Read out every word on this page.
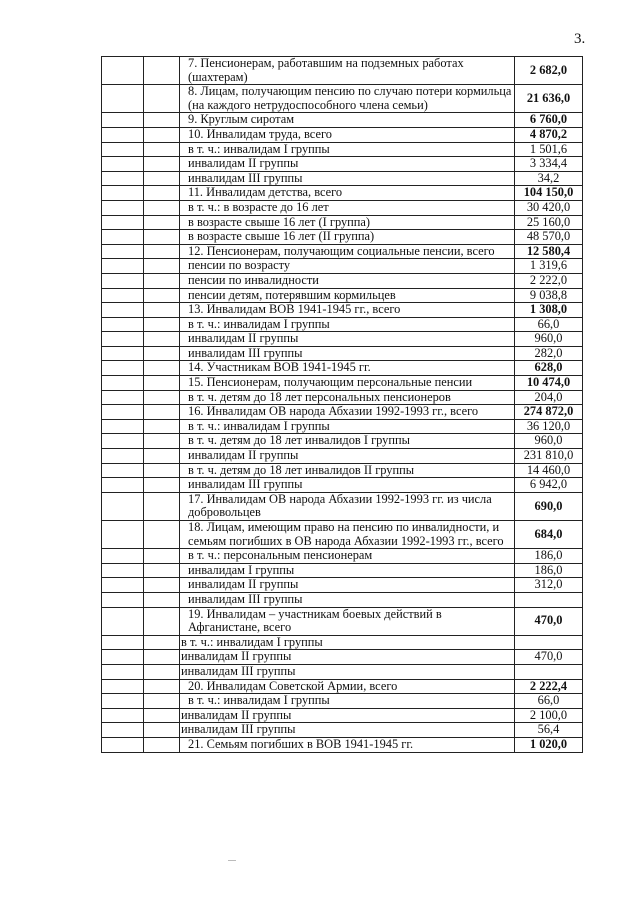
3.
		7. Пенсионерам, работавшим на подземных работах (шахтерам)	2 682,0
		8. Лицам, получающим пенсию по случаю потери кормильца (на каждого нетрудоспособного члена семьи)	21 636,0
		9. Круглым сиротам	6 760,0
		10. Инвалидам труда, всего	4 870,2
		в т. ч.: инвалидам I группы	1 501,6
		инвалидам II группы	3 334,4
		инвалидам III группы	34,2
		11. Инвалидам детства, всего	104 150,0
		в т. ч.: в возрасте до 16 лет	30 420,0
		в возрасте свыше 16 лет (I группа)	25 160,0
		в возрасте свыше 16 лет (II группа)	48 570,0
		12. Пенсионерам, получающим социальные пенсии, всего	12 580,4
		пенсии по возрасту	1 319,6
		пенсии по инвалидности	2 222,0
		пенсии детям, потерявшим кормильцев	9 038,8
		13. Инвалидам ВОВ 1941-1945 гг., всего	1 308,0
		в т. ч.: инвалидам I группы	66,0
		инвалидам II группы	960,0
		инвалидам III группы	282,0
		14. Участникам ВОВ 1941-1945 гг.	628,0
		15. Пенсионерам, получающим персональные пенсии	10 474,0
		в т. ч. детям до 18 лет персональных пенсионеров	204,0
		16. Инвалидам ОВ народа Абхазии 1992-1993 гг., всего	274 872,0
		в т. ч.: инвалидам I группы	36 120,0
		в т. ч. детям до 18 лет инвалидов I группы	960,0
		инвалидам II группы	231 810,0
		в т. ч. детям до 18 лет инвалидов II группы	14 460,0
		инвалидам III группы	6 942,0
		17. Инвалидам ОВ народа Абхазии 1992-1993 гг. из числа добровольцев	690,0
		18. Лицам, имеющим право на пенсию по инвалидности, и семьям погибших в ОВ народа Абхазии 1992-1993 гг., всего	684,0
		в т. ч.: персональным пенсионерам	186,0
		инвалидам I группы	186,0
		инвалидам II группы	312,0
		инвалидам III группы	
		19. Инвалидам – участникам боевых действий в Афганистане, всего	470,0
		в т. ч.: инвалидам I группы	
		инвалидам II группы	470,0
		инвалидам III группы	
		20. Инвалидам Советской Армии, всего	2 222,4
		в т. ч.: инвалидам I группы	66,0
		инвалидам II группы	2 100,0
		инвалидам III группы	56,4
		21. Семьям погибших в ВОВ 1941-1945 гг.	1 020,0
